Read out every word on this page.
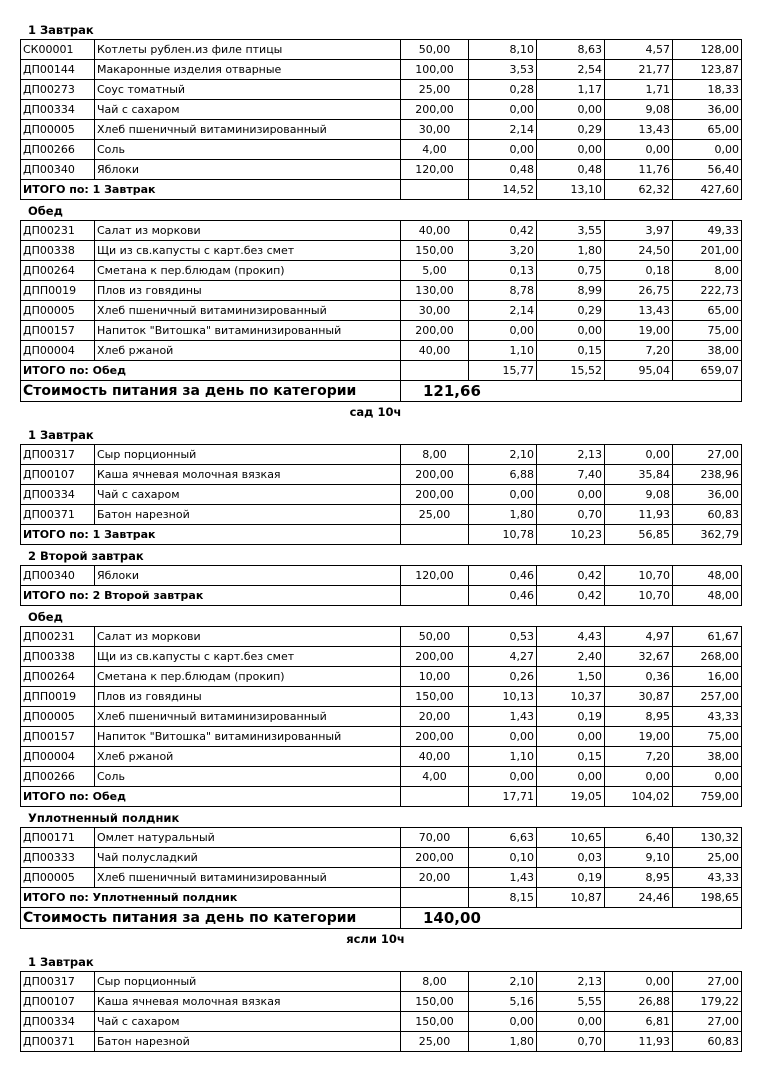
1 Завтрак
СК00001	Котлеты рублен.из филе птицы	50,00	8,10	8,63	4,57	128,00
ДП00144	Макаронные изделия отварные	100,00	3,53	2,54	21,77	123,87
ДП00273	Соус томатный	25,00	0,28	1,17	1,71	18,33
ДП00334	Чай с сахаром	200,00	0,00	0,00	9,08	36,00
ДП00005	Хлеб пшеничный витаминизированный	30,00	2,14	0,29	13,43	65,00
ДП00266	Соль	4,00	0,00	0,00	0,00	0,00
ДП00340	Яблоки	120,00	0,48	0,48	11,76	56,40
ИТОГО по: 1 Завтрак			14,52	13,10	62,32	427,60
Обед
ДП00231	Салат из моркови	40,00	0,42	3,55	3,97	49,33
ДП00338	Щи из св.капусты с карт.без смет	150,00	3,20	1,80	24,50	201,00
ДП00264	Сметана к пер.блюдам (прокип)	5,00	0,13	0,75	0,18	8,00
ДПП0019	Плов из говядины	130,00	8,78	8,99	26,75	222,73
ДП00005	Хлеб пшеничный витаминизированный	30,00	2,14	0,29	13,43	65,00
ДП00157	Напиток "Витошка" витаминизированный	200,00	0,00	0,00	19,00	75,00
ДП00004	Хлеб ржаной	40,00	1,10	0,15	7,20	38,00
ИТОГО по: Обед			15,77	15,52	95,04	659,07
Стоимость питания за день по категории		121,66				
сад 10ч
1 Завтрак
ДП00317	Сыр порционный	8,00	2,10	2,13	0,00	27,00
ДП00107	Каша ячневая молочная вязкая	200,00	6,88	7,40	35,84	238,96
ДП00334	Чай с сахаром	200,00	0,00	0,00	9,08	36,00
ДП00371	Батон нарезной	25,00	1,80	0,70	11,93	60,83
ИТОГО по: 1 Завтрак			10,78	10,23	56,85	362,79
2 Второй завтрак
ДП00340	Яблоки	120,00	0,46	0,42	10,70	48,00
ИТОГО по: 2 Второй завтрак			0,46	0,42	10,70	48,00
Обед
ДП00231	Салат из моркови	50,00	0,53	4,43	4,97	61,67
ДП00338	Щи из св.капусты с карт.без смет	200,00	4,27	2,40	32,67	268,00
ДП00264	Сметана к пер.блюдам (прокип)	10,00	0,26	1,50	0,36	16,00
ДПП0019	Плов из говядины	150,00	10,13	10,37	30,87	257,00
ДП00005	Хлеб пшеничный витаминизированный	20,00	1,43	0,19	8,95	43,33
ДП00157	Напиток "Витошка" витаминизированный	200,00	0,00	0,00	19,00	75,00
ДП00004	Хлеб ржаной	40,00	1,10	0,15	7,20	38,00
ДП00266	Соль	4,00	0,00	0,00	0,00	0,00
ИТОГО по: Обед			17,71	19,05	104,02	759,00
Уплотненный полдник
ДП00171	Омлет натуральный	70,00	6,63	10,65	6,40	130,32
ДП00333	Чай полусладкий	200,00	0,10	0,03	9,10	25,00
ДП00005	Хлеб пшеничный витаминизированный	20,00	1,43	0,19	8,95	43,33
ИТОГО по: Уплотненный полдник			8,15	10,87	24,46	198,65
Стоимость питания за день по категории		140,00				
ясли 10ч
1 Завтрак
ДП00317	Сыр порционный	8,00	2,10	2,13	0,00	27,00
ДП00107	Каша ячневая молочная вязкая	150,00	5,16	5,55	26,88	179,22
ДП00334	Чай с сахаром	150,00	0,00	0,00	6,81	27,00
ДП00371	Батон нарезной	25,00	1,80	0,70	11,93	60,83
